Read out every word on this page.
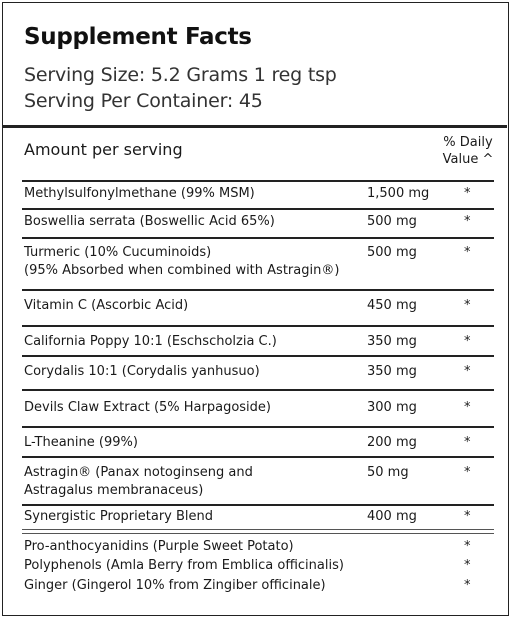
Supplement Facts
Serving Size: 5.2 Grams 1 reg tsp
Serving Per Container: 45
Amount per serving	% Daily
Value ^
Methylsulfonylmethane (99% MSM)	1,500 mg	*
Boswellia serrata (Boswellic Acid 65%)	500 mg	*
Turmeric (10% Cucuminoids)
(95% Absorbed when combined with Astragin®)
500 mg	*
Vitamin C (Ascorbic Acid)	450 mg	*
California Poppy 10:1 (Eschscholzia C.)	350 mg	*
Corydalis 10:1 (Corydalis yanhusuo)	350 mg	*
Devils Claw Extract (5% Harpagoside)	300 mg	*
L-Theanine (99%)	200 mg	*
Astragin® (Panax notoginseng and
Astragalus membranaceus)
50 mg	*
Synergistic Proprietary Blend	400 mg	*
Pro-anthocyanidins (Purple Sweet Potato)	*
Polyphenols (Amla Berry from Emblica officinalis)	*
Ginger (Gingerol 10% from Zingiber officinale)	*
